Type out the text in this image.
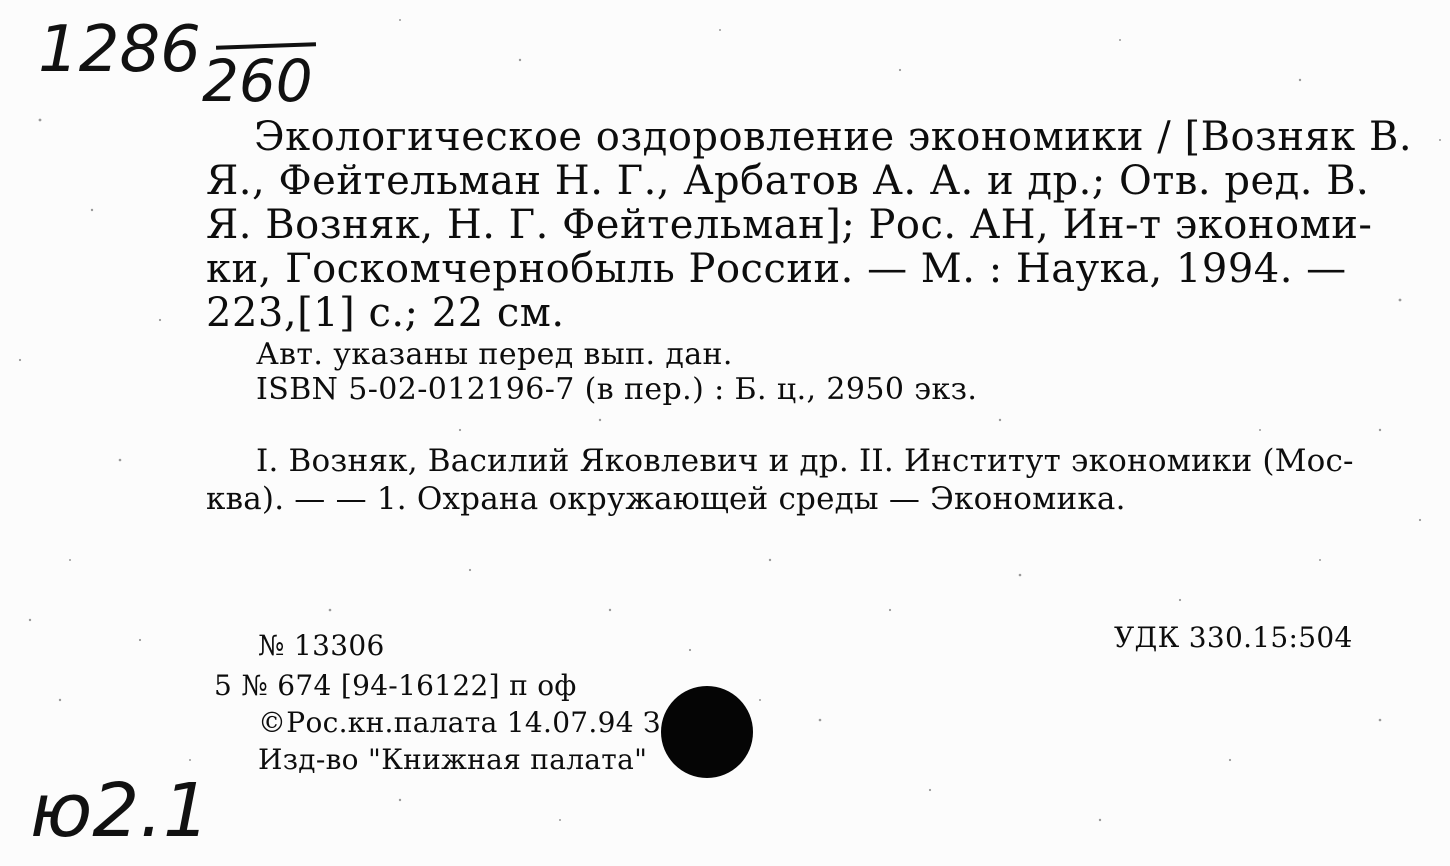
1286 260
Экологическое оздоровление экономики / [Возняк В.
Я., Фейтельман Н. Г., Арбатов А. А. и др.; Отв. ред. В.
Я. Возняк, Н. Г. Фейтельман]; Рос. АН, Ин-т экономи-
ки, Госкомчернобыль России. — М. : Наука, 1994. —
223,[1] с.; 22 см.
Авт. указаны перед вып. дан.
ISBN 5-02-012196-7 (в пер.) : Б. ц., 2950 экз.
I. Возняк, Василий Яковлевич и др. II. Институт экономики (Мос-
ква). — — 1. Охрана окружающей среды — Экономика.
№ 13306	УДК 330.15:504
5 № 674 [94-16122] п оф
©Рос.кн.палата 14.07.94 З
Изд-во "Книжная палата"
ю2.1
